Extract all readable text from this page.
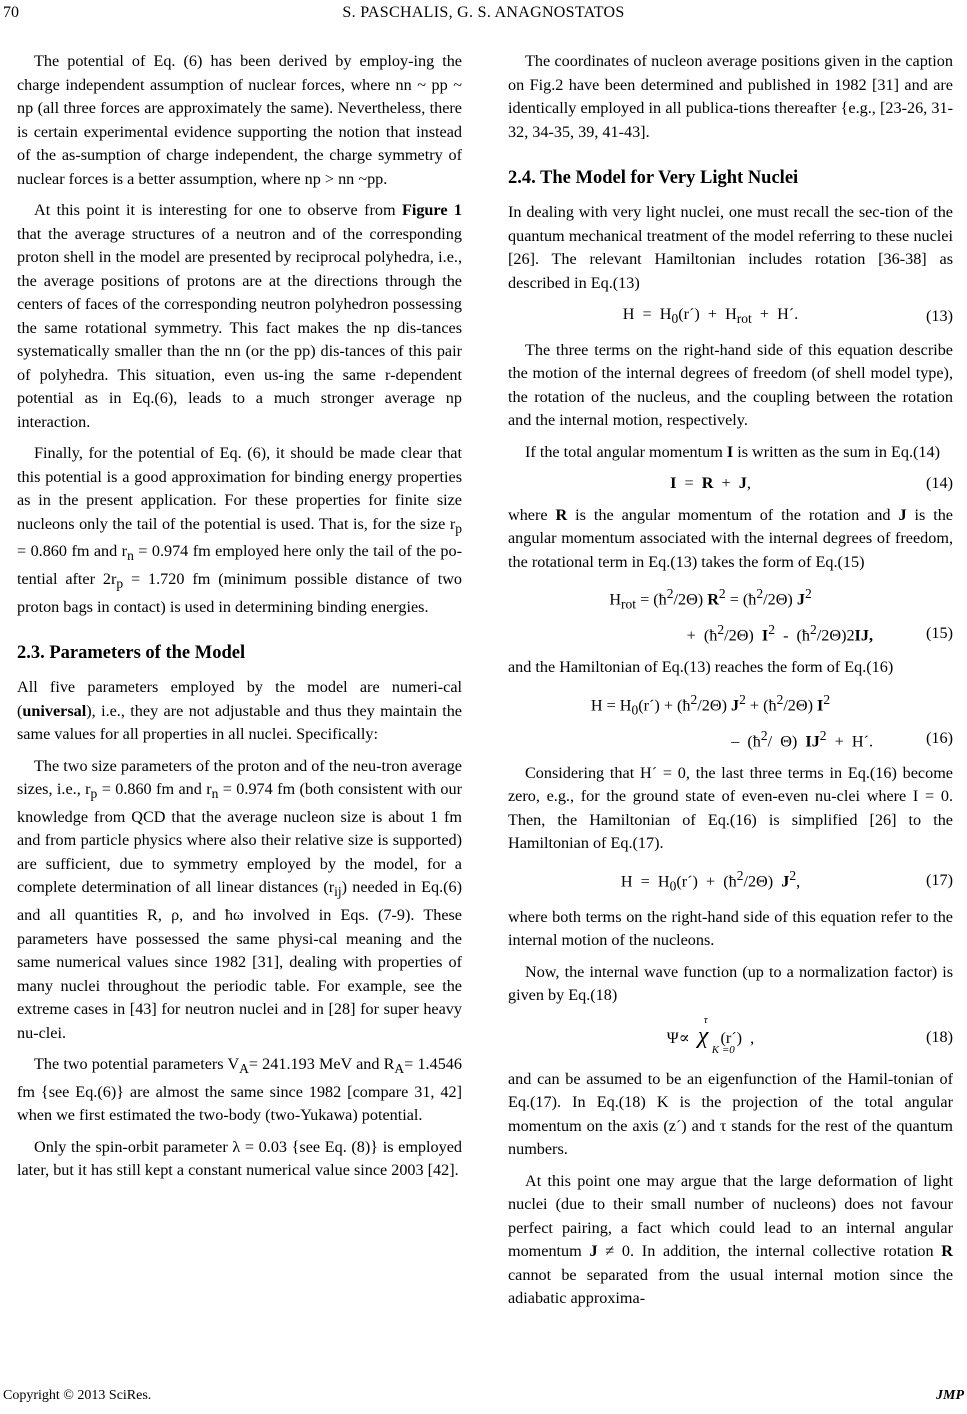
70	S. PASCHALIS, G. S. ANAGNOSTATOS

The potential of Eq. (6) has been derived by employ-ing the charge independent assumption of nuclear forces, where nn ~ pp ~ np (all three forces are approximately the same). Nevertheless, there is certain experimental evidence supporting the notion that instead of the as-sumption of charge independent, the charge symmetry of nuclear forces is a better assumption, where np > nn ~pp.

At this point it is interesting for one to observe from Figure 1 that the average structures of a neutron and of the corresponding proton shell in the model are presented by reciprocal polyhedra, i.e., the average positions of protons are at the directions through the centers of faces of the corresponding neutron polyhedron possessing the same rotational symmetry. This fact makes the np dis-tances systematically smaller than the nn (or the pp) dis-tances of this pair of polyhedra. This situation, even us-ing the same r-dependent potential as in Eq.(6), leads to a much stronger average np interaction.

Finally, for the potential of Eq. (6), it should be made clear that this potential is a good approximation for binding energy properties as in the present application. For these properties for finite size nucleons only the tail of the potential is used. That is, for the size $r_p = 0.860$ fm and $r_n = 0.974$ fm employed here only the tail of the po-tential after $2r_p = 1.720$ fm (minimum possible distance of two proton bags in contact) is used in determining binding energies.

2.3. Parameters of the Model

All five parameters employed by the model are numeri-cal (universal), i.e., they are not adjustable and thus they maintain the same values for all properties in all nuclei. Specifically:

The two size parameters of the proton and of the neu-tron average sizes, i.e., $r_p = 0.860$ fm and $r_n = 0.974$ fm (both consistent with our knowledge from QCD that the average nucleon size is about 1 fm and from particle physics where also their relative size is supported) are sufficient, due to symmetry employed by the model, for a complete determination of all linear distances $(r_{ij})$ needed in Eq.(6) and all quantities R, ρ, and ħω involved in Eqs. (7-9). These parameters have possessed the same physi-cal meaning and the same numerical values since 1982 [31], dealing with properties of many nuclei throughout the periodic table. For example, see the extreme cases in [43] for neutron nuclei and in [28] for super heavy nu-clei.

The two potential parameters $V_A= 241.193$ MeV and $R_A= 1.4546$ fm {see Eq.(6)} are almost the same since 1982 [compare 31, 42] when we first estimated the two-body (two-Yukawa) potential.

Only the spin-orbit parameter λ = 0.03 {see Eq. (8)} is employed later, but it has still kept a constant numerical value since 2003 [42].

The coordinates of nucleon average positions given in the caption on Fig.2 have been determined and published in 1982 [31] and are identically employed in all publica-tions thereafter {e.g., [23-26, 31-32, 34-35, 39, 41-43].

2.4. The Model for Very Light Nuclei

In dealing with very light nuclei, one must recall the sec-tion of the quantum mechanical treatment of the model referring to these nuclei [26]. The relevant Hamiltonian includes rotation [36-38] as described in Eq.(13)

$H = H_0(r´) + H_{rot}$  +  H´.	(13)

The three terms on the right-hand side of this equation describe the motion of the internal degrees of freedom (of shell model type), the rotation of the nucleus, and the coupling between the rotation and the internal motion, respectively.

If the total angular momentum I is written as the sum in Eq.(14)

I  =  R  +  J,	(14)

where R is the angular momentum of the rotation and J is the angular momentum associated with the internal degrees of freedom, the rotational term in Eq.(13) takes the form of Eq.(15)

$H_{rot}$ = $(ħ^2/2\Theta) R^2$ = $(ħ^2/2\Theta)$ $J^2$
+  $(ħ^2/2\Theta)$  $I^2$  -  $(ħ^2/2\Theta)2IJ$,	(15)

and the Hamiltonian of Eq.(13) reaches the form of Eq.(16)

$H = H_0(r´)$ + $(ħ^2/2\Theta) J^2$ + $(ħ^2/2\Theta)$ $I^2$
–  ($ħ^2/$  Θ)  $IJ^2$  +  H´.	(16)

Considering that H´ = 0, the last three terms in Eq.(16) become zero, e.g., for the ground state of even-even nu-clei where I = 0. Then, the Hamiltonian of Eq.(16) is simplified [26] to the Hamiltonian of Eq.(17).

$H = H_0(r´)$  +  $(ħ^2/2\Theta)$  $J^2$,	(17)

where both terms on the right-hand side of this equation refer to the internal motion of the nucleons.

Now, the internal wave function (up to a normalization factor) is given by Eq.(18)

Ψ∝  χ
τ
K =0
(r´)  ,	(18)

and can be assumed to be an eigenfunction of the Hamil-tonian of Eq.(17). In Eq.(18) K is the projection of the total angular momentum on the axis (z´) and τ stands for the rest of the quantum numbers.

At this point one may argue that the large deformation of light nuclei (due to their small number of nucleons) does not favour perfect pairing, a fact which could lead to an internal angular momentum J ≠ 0. In addition, the internal collective rotation R cannot be separated from the usual internal motion since the adiabatic approxima-

Copyright © 2013 SciRes.	JMP
